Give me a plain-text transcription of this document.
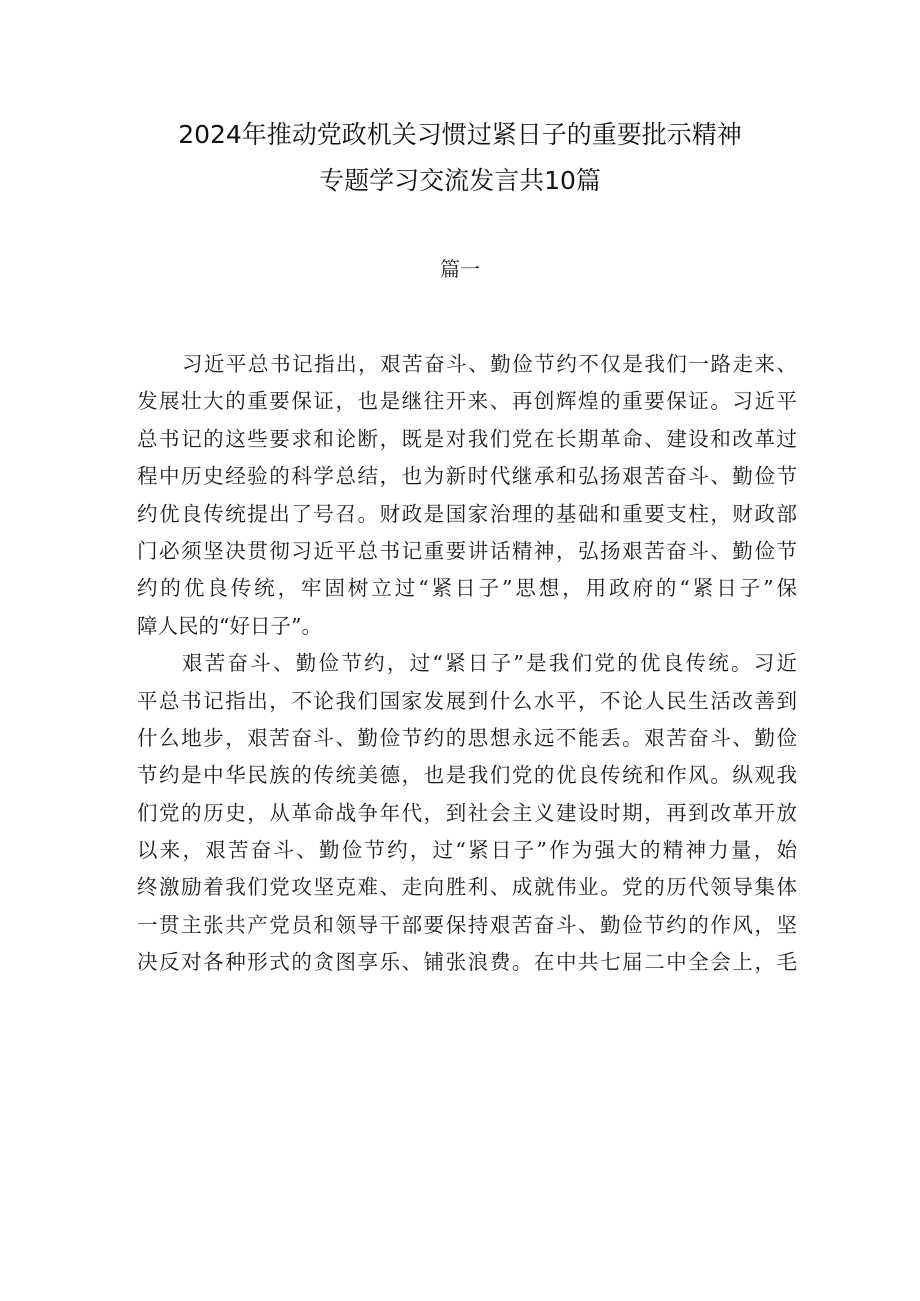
2024年推动党政机关习惯过紧日子的重要批示精神
专题学习交流发言共10篇
篇一
习近平总书记指出，艰苦奋斗、勤俭节约不仅是我们一路走来、
发展壮大的重要保证，也是继往开来、再创辉煌的重要保证。习近平
总书记的这些要求和论断，既是对我们党在长期革命、建设和改革过
程中历史经验的科学总结，也为新时代继承和弘扬艰苦奋斗、勤俭节
约优良传统提出了号召。财政是国家治理的基础和重要支柱，财政部
门必须坚决贯彻习近平总书记重要讲话精神，弘扬艰苦奋斗、勤俭节
约的优良传统，牢固树立过“紧日子”思想，用政府的“紧日子”保
障人民的“好日子”。
艰苦奋斗、勤俭节约，过“紧日子”是我们党的优良传统。习近
平总书记指出，不论我们国家发展到什么水平，不论人民生活改善到
什么地步，艰苦奋斗、勤俭节约的思想永远不能丢。艰苦奋斗、勤俭
节约是中华民族的传统美德，也是我们党的优良传统和作风。纵观我
们党的历史，从革命战争年代，到社会主义建设时期，再到改革开放
以来，艰苦奋斗、勤俭节约，过“紧日子”作为强大的精神力量，始
终激励着我们党攻坚克难、走向胜利、成就伟业。党的历代领导集体
一贯主张共产党员和领导干部要保持艰苦奋斗、勤俭节约的作风，坚
决反对各种形式的贪图享乐、铺张浪费。在中共七届二中全会上，毛
